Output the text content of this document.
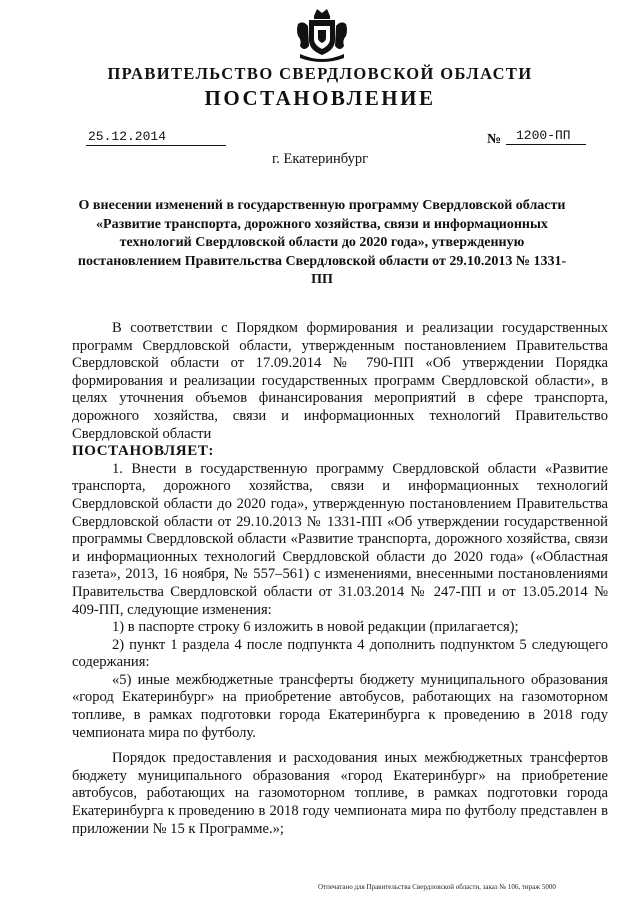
ПРАВИТЕЛЬСТВО СВЕРДЛОВСКОЙ ОБЛАСТИ
ПОСТАНОВЛЕНИЕ
25.12.2014	№	1200-ПП
г. Екатеринбург
О внесении изменений в государственную программу Свердловской области «Развитие транспорта, дорожного хозяйства, связи и информационных технологий Свердловской области до 2020 года», утвержденную постановлением Правительства Свердловской области от 29.10.2013 № 1331-ПП

В соответствии с Порядком формирования и реализации государственных программ Свердловской области, утвержденным постановлением Правительства Свердловской области от 17.09.2014 № 790-ПП «Об утверждении Порядка формирования и реализации государственных программ Свердловской области», в целях уточнения объемов финансирования мероприятий в сфере транспорта, дорожного хозяйства, связи и информационных технологий Правительство Свердловской области

ПОСТАНОВЛЯЕТ:

1. Внести в государственную программу Свердловской области «Развитие транспорта, дорожного хозяйства, связи и информационных технологий Свердловской области до 2020 года», утвержденную постановлением Правительства Свердловской области от 29.10.2013 № 1331-ПП «Об утверждении государственной программы Свердловской области «Развитие транспорта, дорожного хозяйства, связи и информационных технологий Свердловской области до 2020 года» («Областная газета», 2013, 16 ноября, № 557–561) с изменениями, внесенными постановлениями Правительства Свердловской области от 31.03.2014 № 247-ПП и от 13.05.2014 № 409-ПП, следующие изменения:

1) в паспорте строку 6 изложить в новой редакции (прилагается);

2) пункт 1 раздела 4 после подпункта 4 дополнить подпунктом 5 следующего содержания:

«5) иные межбюджетные трансферты бюджету муниципального образования «город Екатеринбург» на приобретение автобусов, работающих на газомоторном топливе, в рамках подготовки города Екатеринбурга к проведению в 2018 году чемпионата мира по футболу.

Порядок предоставления и расходования иных межбюджетных трансфертов бюджету муниципального образования «город Екатеринбург» на приобретение автобусов, работающих на газомоторном топливе, в рамках подготовки города Екатеринбурга к проведению в 2018 году чемпионата мира по футболу представлен в приложении № 15 к Программе.»;

Отпечатано для Правительства Свердловской области, заказ № 106, тираж 5000
